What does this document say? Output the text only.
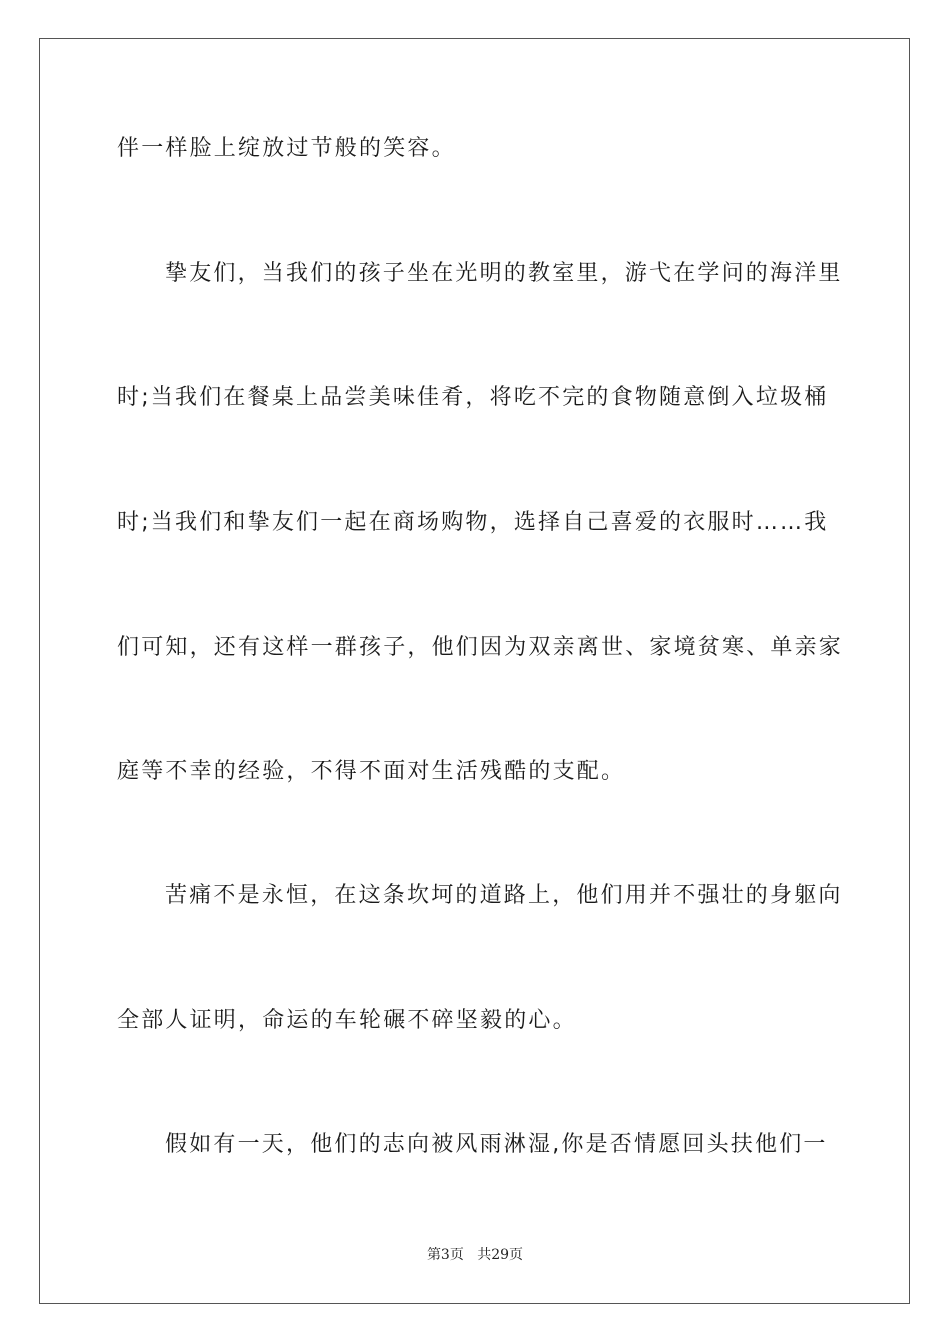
伴一样脸上绽放过节般的笑容。
挚友们，当我们的孩子坐在光明的教室里，游弋在学问的海洋里
时;当我们在餐桌上品尝美味佳肴，将吃不完的食物随意倒入垃圾桶
时;当我们和挚友们一起在商场购物，选择自己喜爱的衣服时……我
们可知，还有这样一群孩子，他们因为双亲离世、家境贫寒、单亲家
庭等不幸的经验，不得不面对生活残酷的支配。
苦痛不是永恒，在这条坎坷的道路上，他们用并不强壮的身躯向
全部人证明，命运的车轮碾不碎坚毅的心。
假如有一天，他们的志向被风雨淋湿,你是否情愿回头扶他们一
第3页 共29页
